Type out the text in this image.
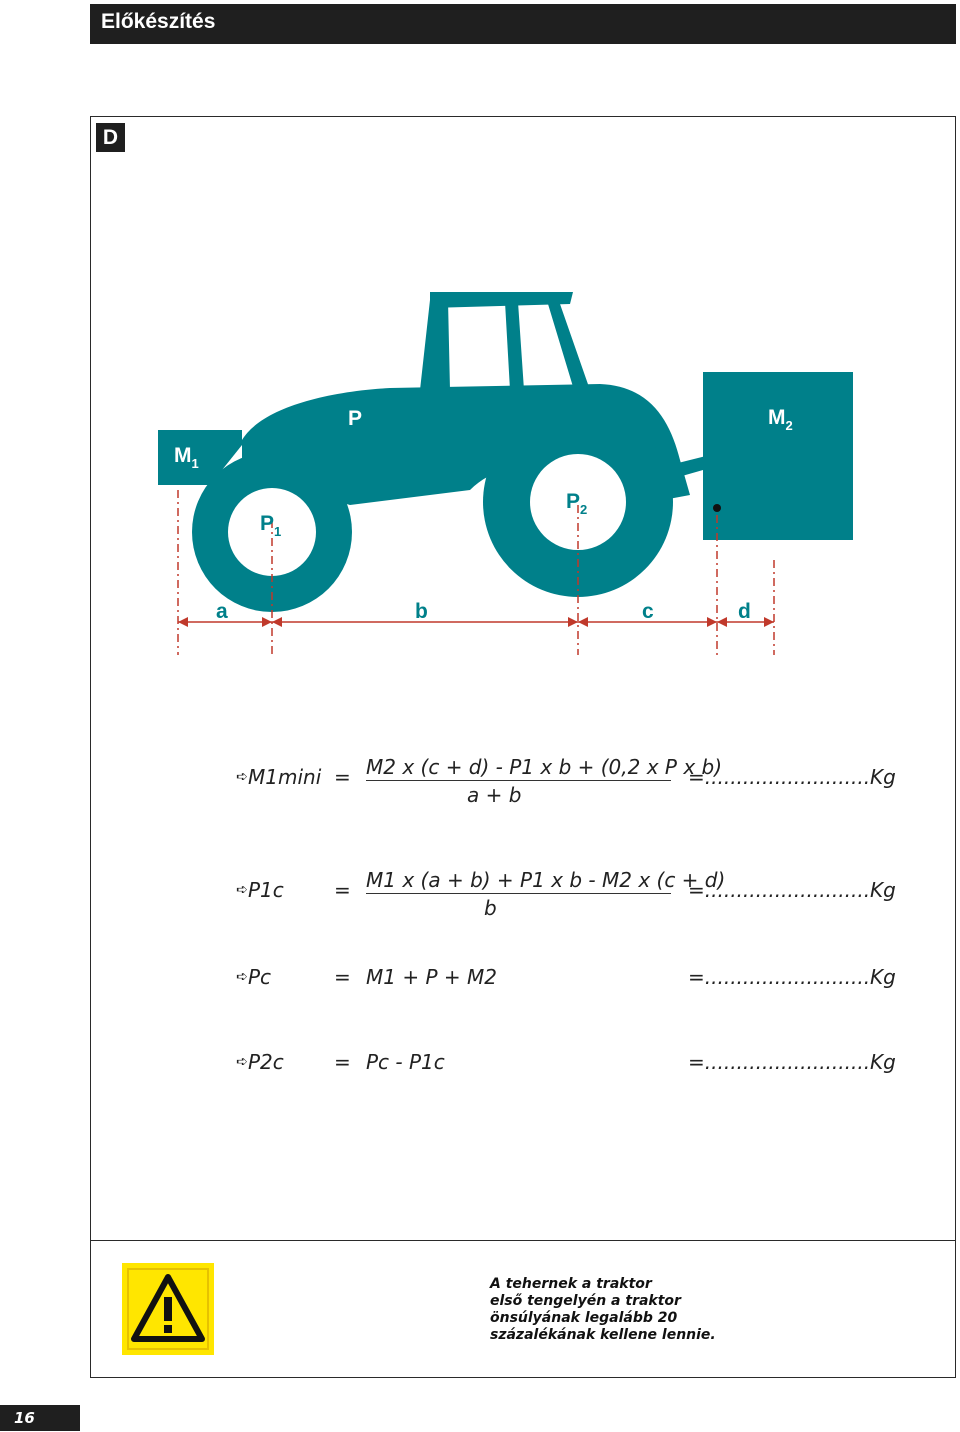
Előkészítés
D
$M_1$
P	$M_2$
$P_1$
$P_2$
a	b	c	d
➪ M1mini = M2 x (c + d) - P1 x b + (0,2 x P x b)
a + b
=..........................Kg
➪ P1c	= M1 x (a + b) + P1 x b - M2 x (c + d)
b
=..........................Kg
➪ Pc	= M1 + P + M2	=..........................Kg
➪ P2c	= Pc - P1c	=..........................Kg
A tehernek a traktor
első tengelyén a traktor
önsúlyának legalább 20
százalékának kellene lennie.
16
